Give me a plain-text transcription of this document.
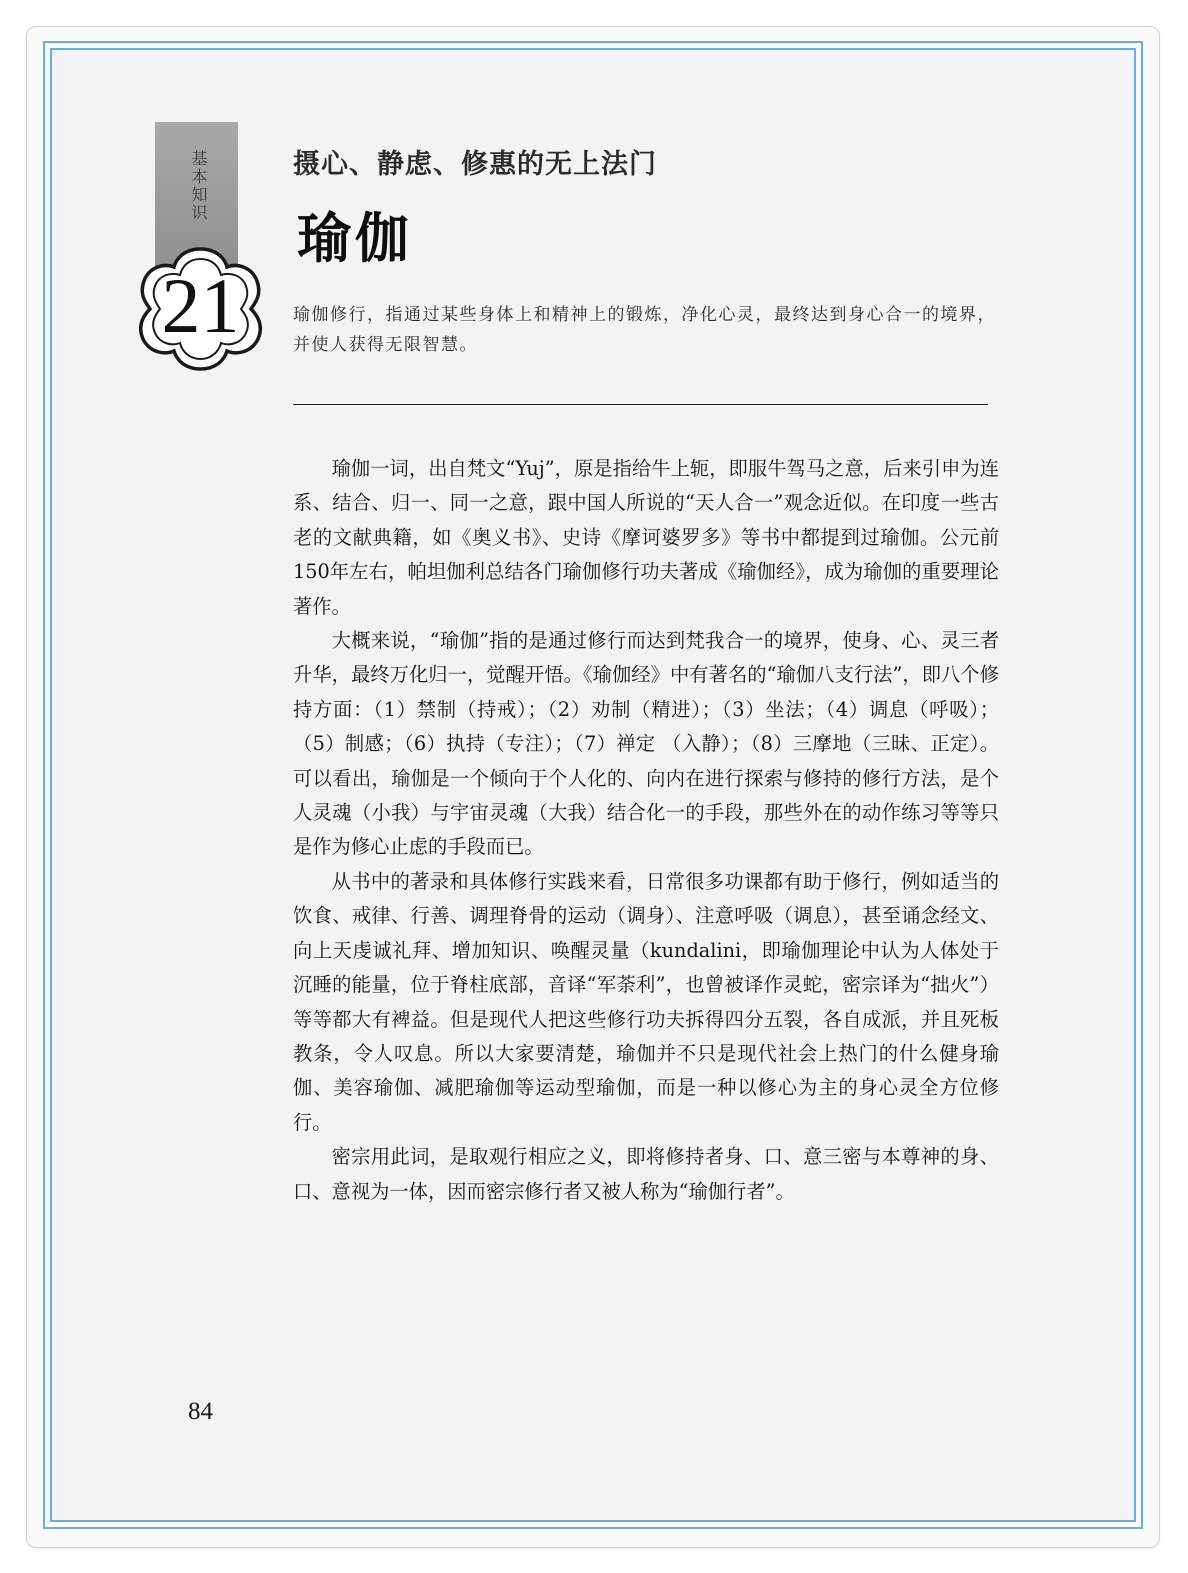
基本知识
21
摄心、静虑、修惠的无上法门
瑜伽

瑜伽修行，指通过某些身体上和精神上的锻炼，净化心灵，最终达到身心合一的境界，并使人获得无限智慧。

瑜伽一词，出自梵文“Yuj”，原是指给牛上轭，即服牛驾马之意，后来引申为连系、结合、归一、同一之意，跟中国人所说的“天人合一”观念近似。在印度一些古老的文献典籍，如《奥义书》、史诗《摩诃婆罗多》等书中都提到过瑜伽。公元前150年左右，帕坦伽利总结各门瑜伽修行功夫著成《瑜伽经》，成为瑜伽的重要理论著作。

大概来说，“瑜伽”指的是通过修行而达到梵我合一的境界，使身、心、灵三者升华，最终万化归一，觉醒开悟。《瑜伽经》中有著名的“瑜伽八支行法”，即八个修持方面：（1）禁制（持戒）；（2）劝制（精进）；（3）坐法；（4）调息（呼吸）；（5）制感；（6）执持（专注）；（7）禅定 （入静）；（8）三摩地（三昧、正定）。可以看出，瑜伽是一个倾向于个人化的、向内在进行探索与修持的修行方法，是个人灵魂（小我）与宇宙灵魂（大我）结合化一的手段，那些外在的动作练习等等只是作为修心止虑的手段而已。

从书中的著录和具体修行实践来看，日常很多功课都有助于修行，例如适当的饮食、戒律、行善、调理脊骨的运动（调身）、注意呼吸（调息），甚至诵念经文、向上天虔诚礼拜、增加知识、唤醒灵量（kundalini，即瑜伽理论中认为人体处于沉睡的能量，位于脊柱底部，音译“军荼利”，也曾被译作灵蛇，密宗译为“拙火”）等等都大有裨益。但是现代人把这些修行功夫拆得四分五裂，各自成派，并且死板教条，令人叹息。所以大家要清楚，瑜伽并不只是现代社会上热门的什么健身瑜伽、美容瑜伽、减肥瑜伽等运动型瑜伽，而是一种以修心为主的身心灵全方位修行。

密宗用此词，是取观行相应之义，即将修持者身、口、意三密与本尊神的身、口、意视为一体，因而密宗修行者又被人称为“瑜伽行者”。

84
